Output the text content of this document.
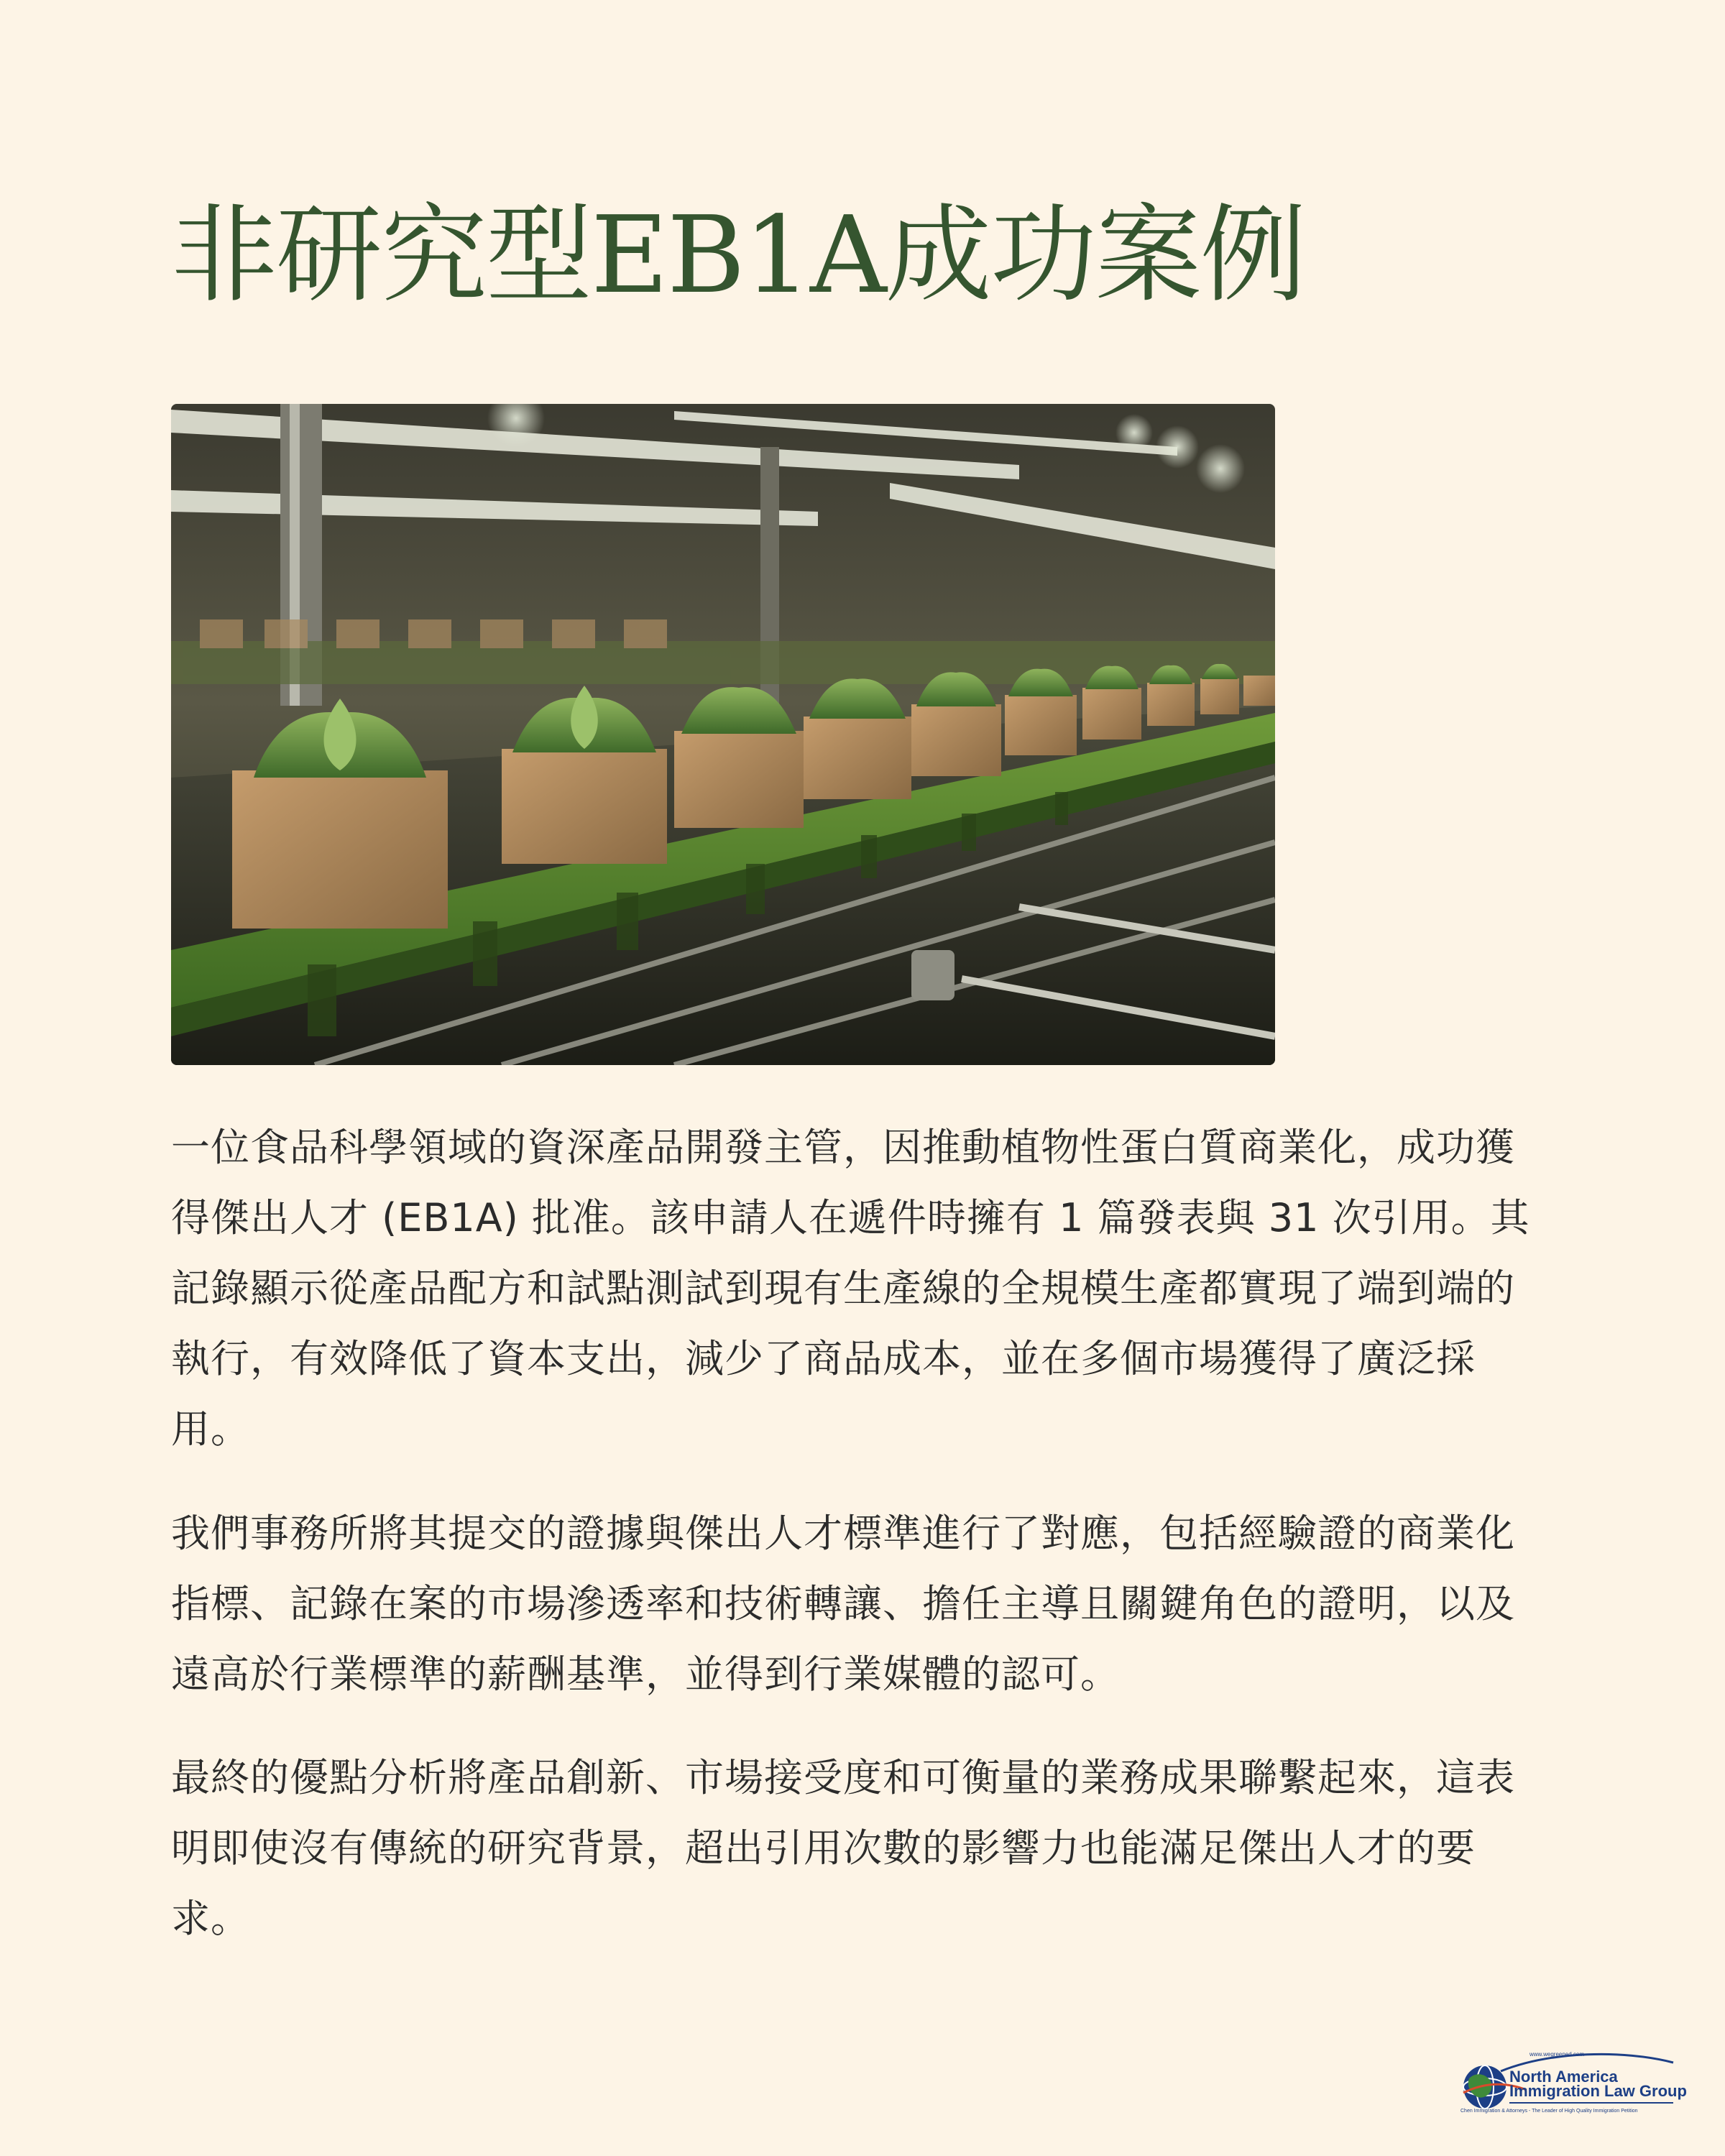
非研究型EB1A成功案例

一位食品科學領域的資深產品開發主管，因推動植物性蛋白質商業化，成功獲得傑出人才 (EB1A) 批准。該申請人在遞件時擁有 1 篇發表與 31 次引用。其記錄顯示從產品配方和試點測試到現有生產線的全規模生產都實現了端到端的執行，有效降低了資本支出，減少了商品成本，並在多個市場獲得了廣泛採用。

我們事務所將其提交的證據與傑出人才標準進行了對應，包括經驗證的商業化指標、記錄在案的市場滲透率和技術轉讓、擔任主導且關鍵角色的證明，以及遠高於行業標準的薪酬基準，並得到行業媒體的認可。

最終的優點分析將產品創新、市場接受度和可衡量的業務成果聯繫起來，這表明即使沒有傳統的研究背景，超出引用次數的影響力也能滿足傑出人才的要求。

www.wegreened.com
North America
Immigration Law Group
Chen Immigration & Attorneys - The Leader of High Quality Immigration Petition
